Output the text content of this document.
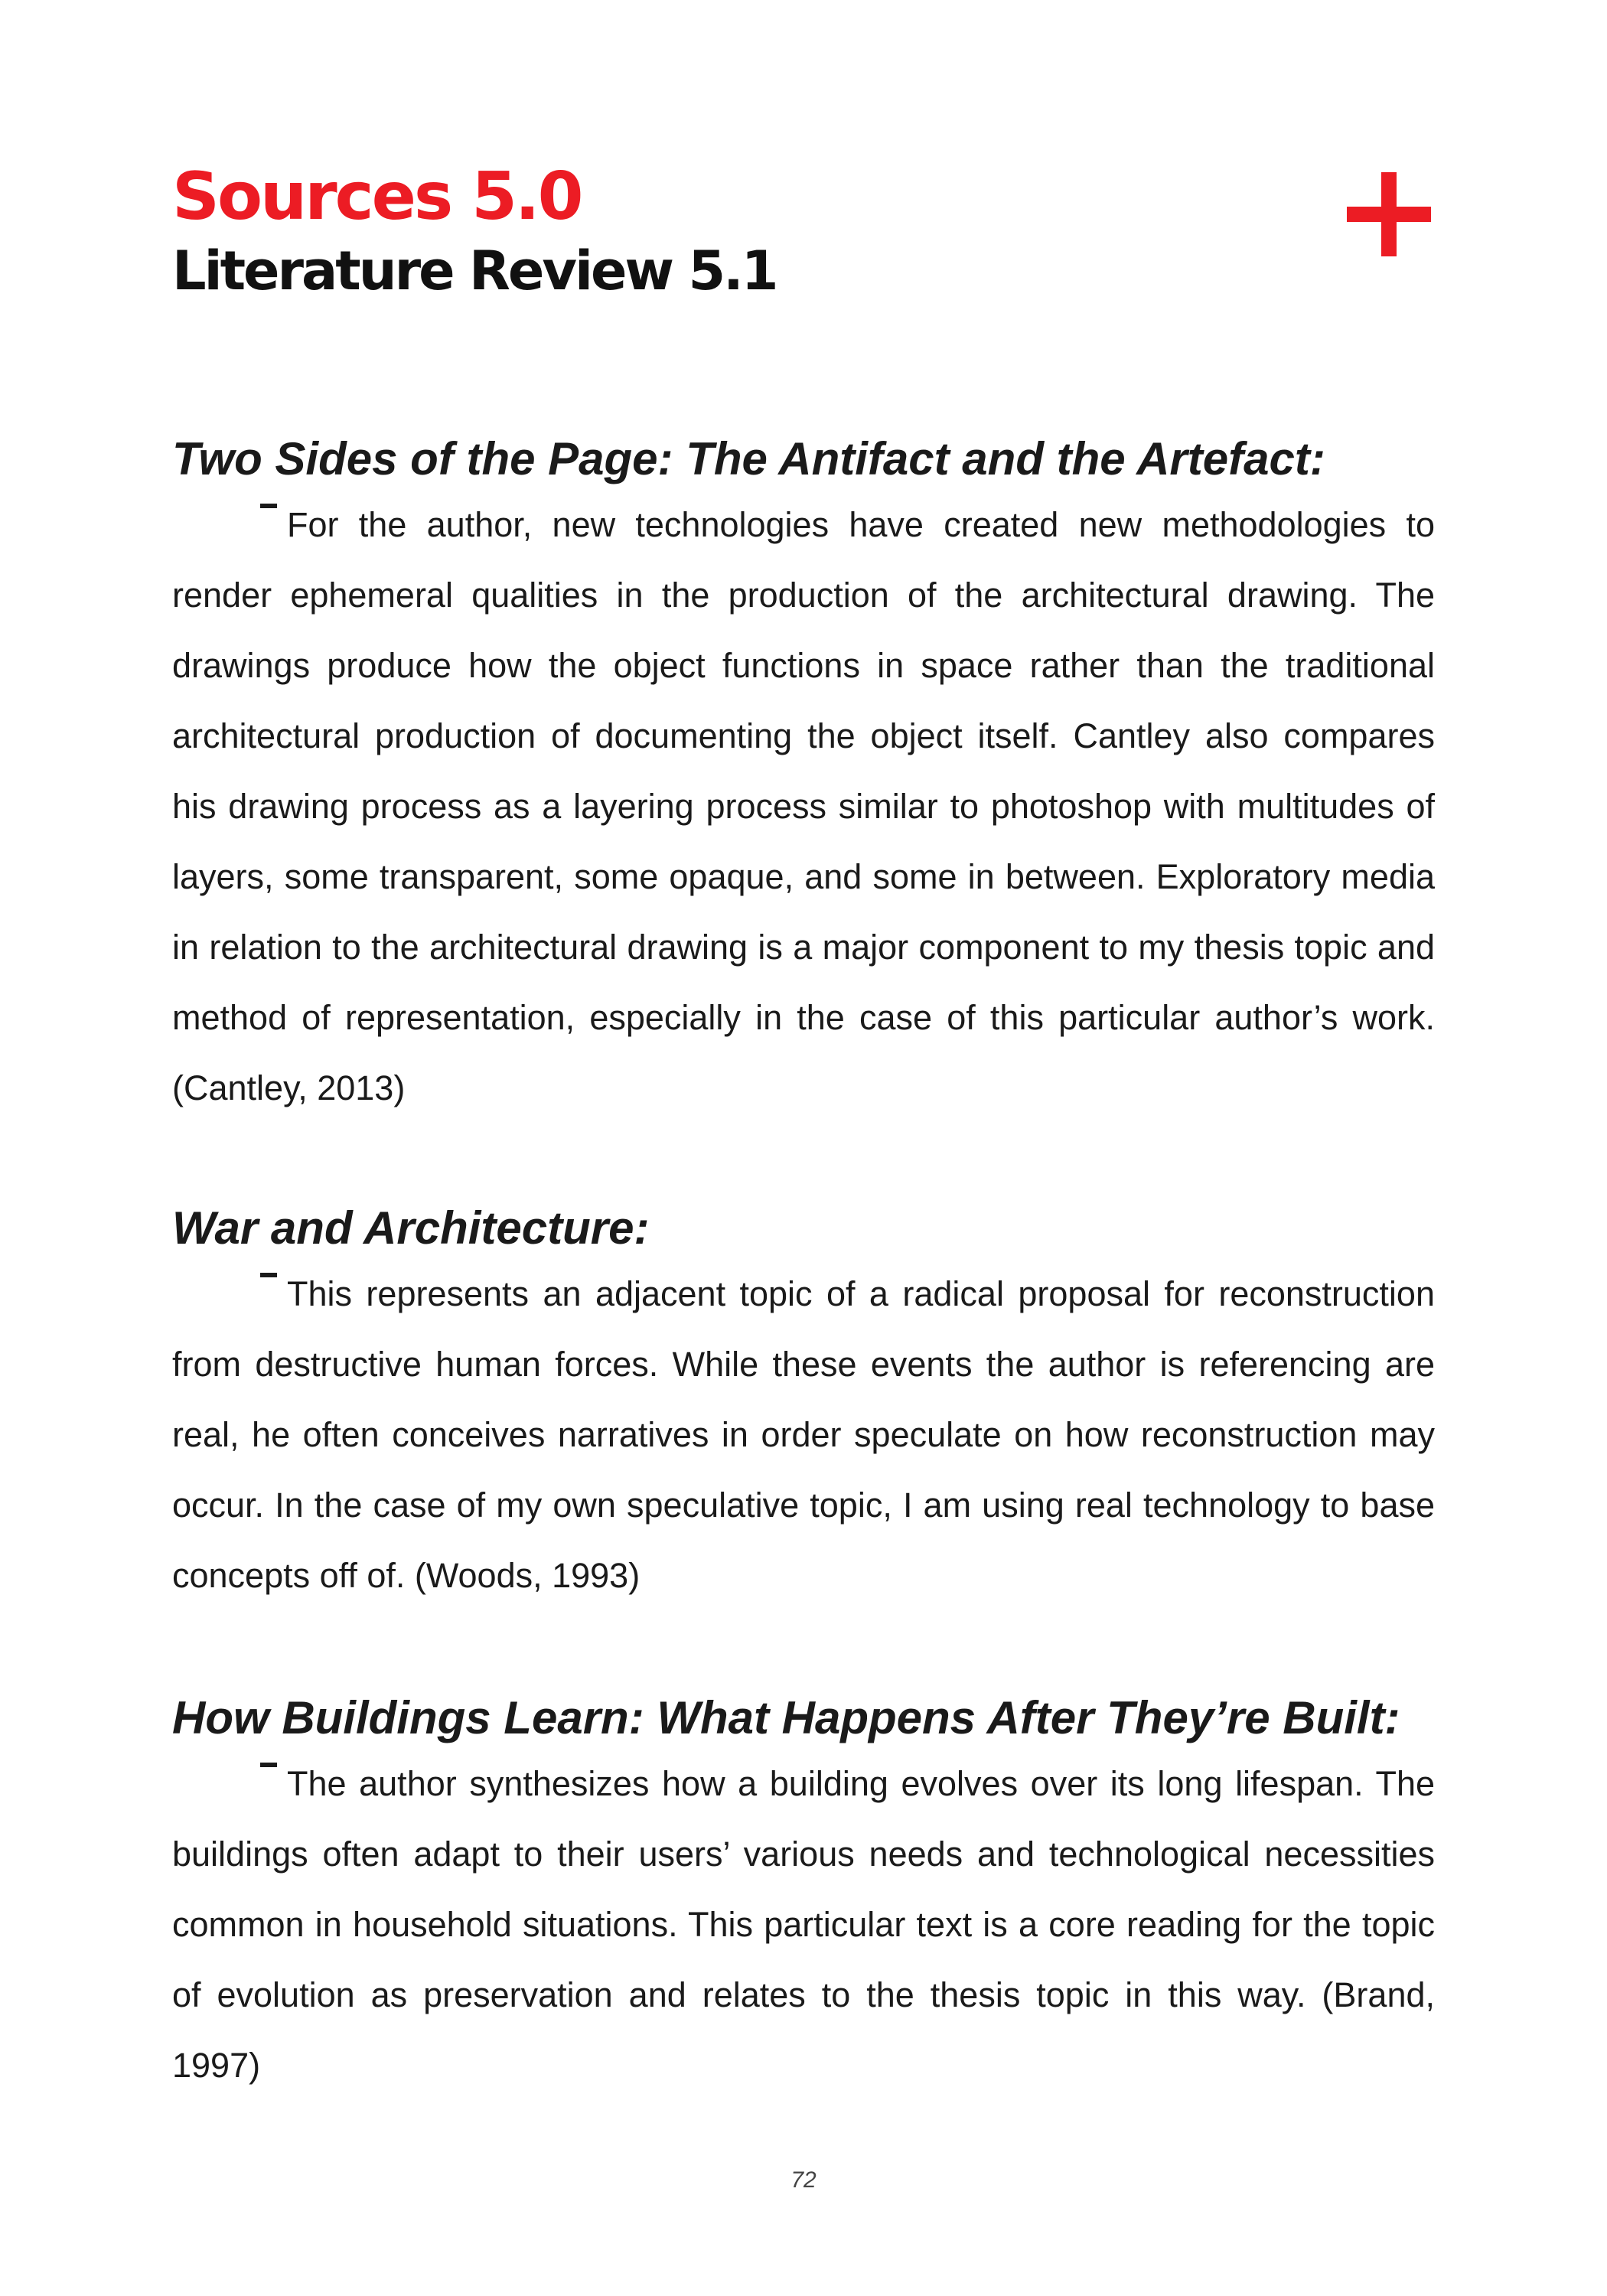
Sources 5.0
Literature Review 5.1
Two Sides of the Page: The Antifact and the Artefact:

For the author, new technologies have created new methodologies to render ephemeral qualities in the production of the architectural drawing. The drawings produce how the object functions in space rather than the traditional architectural production of documenting the object itself. Cantley also compares his drawing process as a layering process similar to photoshop with multitudes of layers, some transparent, some opaque, and some in between. Exploratory media in relation to the architectural drawing is a major component to my thesis topic and method of representation, especially in the case of this particular author’s work. (Cantley, 2013)

War and Architecture:

This represents an adjacent topic of a radical proposal for reconstruction from destructive human forces. While these events the author is referencing are real, he often conceives narratives in order speculate on how reconstruction may occur. In the case of my own speculative topic, I am using real technology to base concepts off of. (Woods, 1993)

How Buildings Learn: What Happens After They’re Built:

The author synthesizes how a building evolves over its long lifespan. The buildings often adapt to their users’ various needs and technological necessities common in household situations. This particular text is a core reading for the topic of evolution as preservation and relates to the thesis topic in this way. (Brand, 1997)

72
